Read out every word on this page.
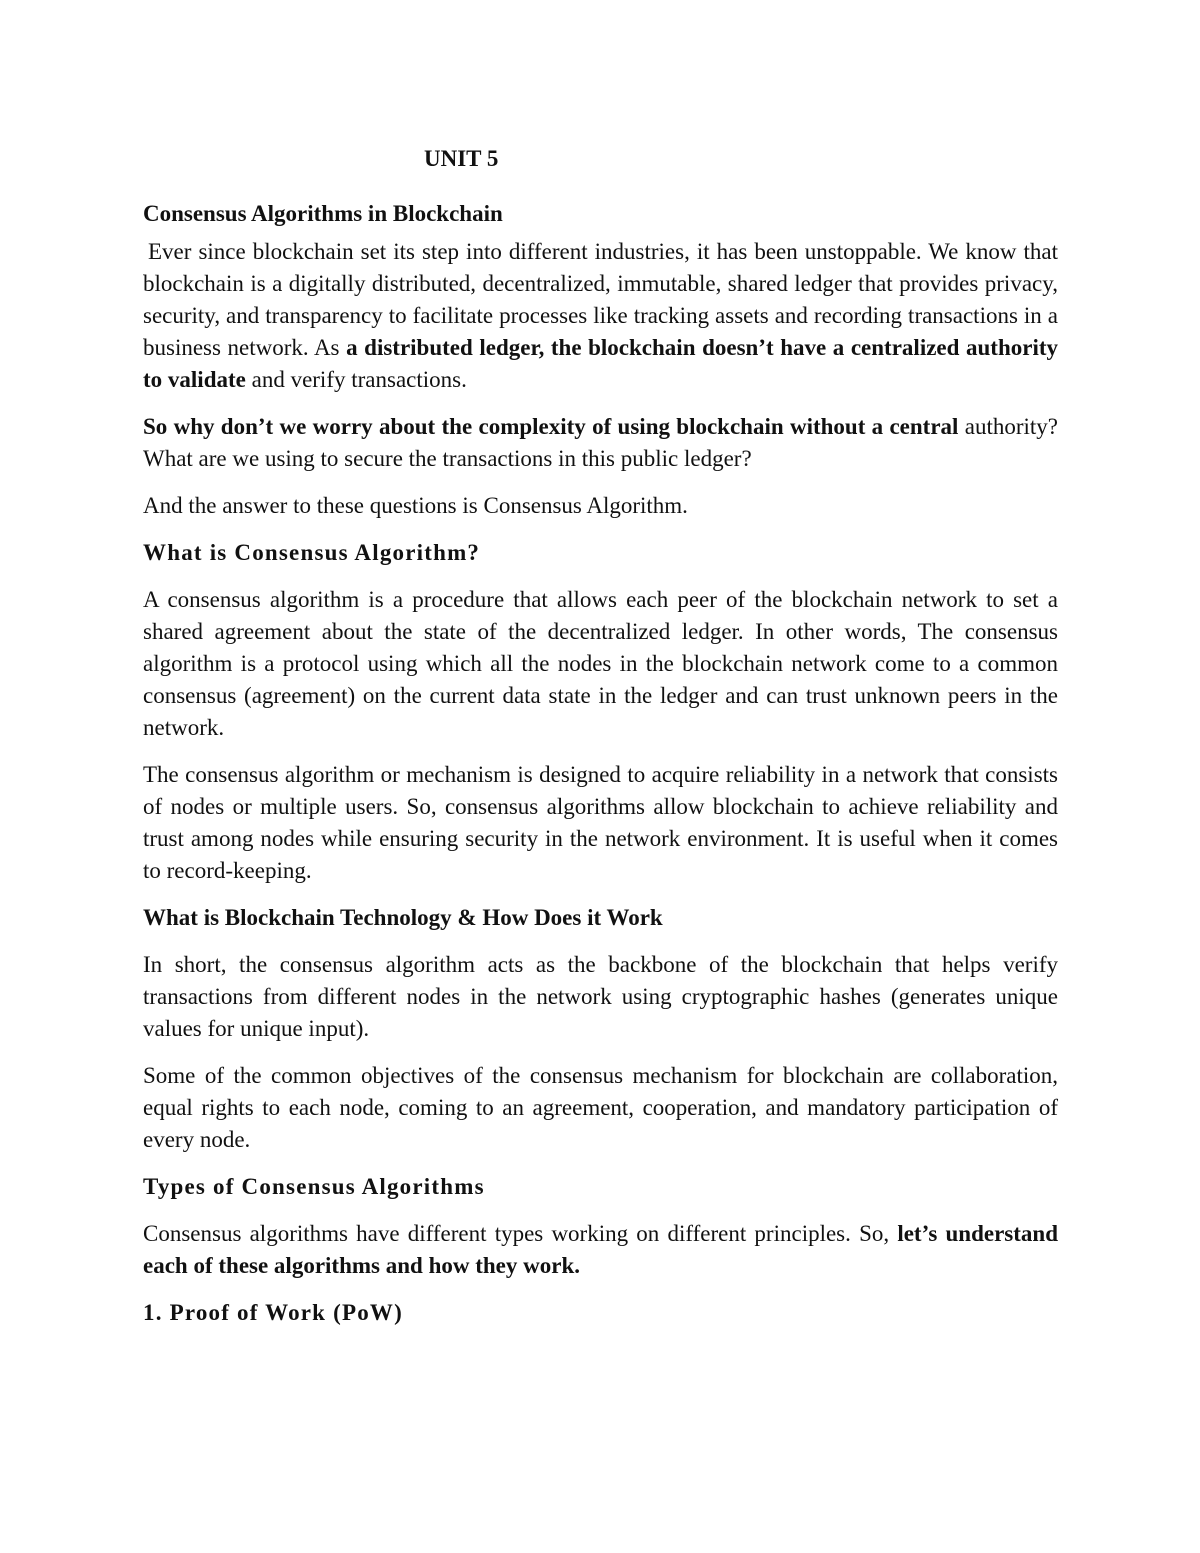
UNIT 5
Consensus Algorithms in Blockchain

Ever since blockchain set its step into different industries, it has been unstoppable. We know that blockchain is a digitally distributed, decentralized, immutable, shared ledger that provides privacy, security, and transparency to facilitate processes like tracking assets and recording transactions in a business network. As a distributed ledger, the blockchain doesn’t have a centralized authority to validate and verify transactions.

So why don’t we worry about the complexity of using blockchain without a central authority? What are we using to secure the transactions in this public ledger?

And the answer to these questions is Consensus Algorithm.

What is Consensus Algorithm?

A consensus algorithm is a procedure that allows each peer of the blockchain network to set a shared agreement about the state of the decentralized ledger. In other words, The consensus algorithm is a protocol using which all the nodes in the blockchain network come to a common consensus (agreement) on the current data state in the ledger and can trust unknown peers in the network.

The consensus algorithm or mechanism is designed to acquire reliability in a network that consists of nodes or multiple users. So, consensus algorithms allow blockchain to achieve reliability and trust among nodes while ensuring security in the network environment. It is useful when it comes to record-keeping.

What is Blockchain Technology & How Does it Work

In short, the consensus algorithm acts as the backbone of the blockchain that helps verify transactions from different nodes in the network using cryptographic hashes (generates unique values for unique input).

Some of the common objectives of the consensus mechanism for blockchain are collaboration, equal rights to each node, coming to an agreement, cooperation, and mandatory participation of every node.

Types of Consensus Algorithms

Consensus algorithms have different types working on different principles. So, let’s understand each of these algorithms and how they work.

1. Proof of Work (PoW)
